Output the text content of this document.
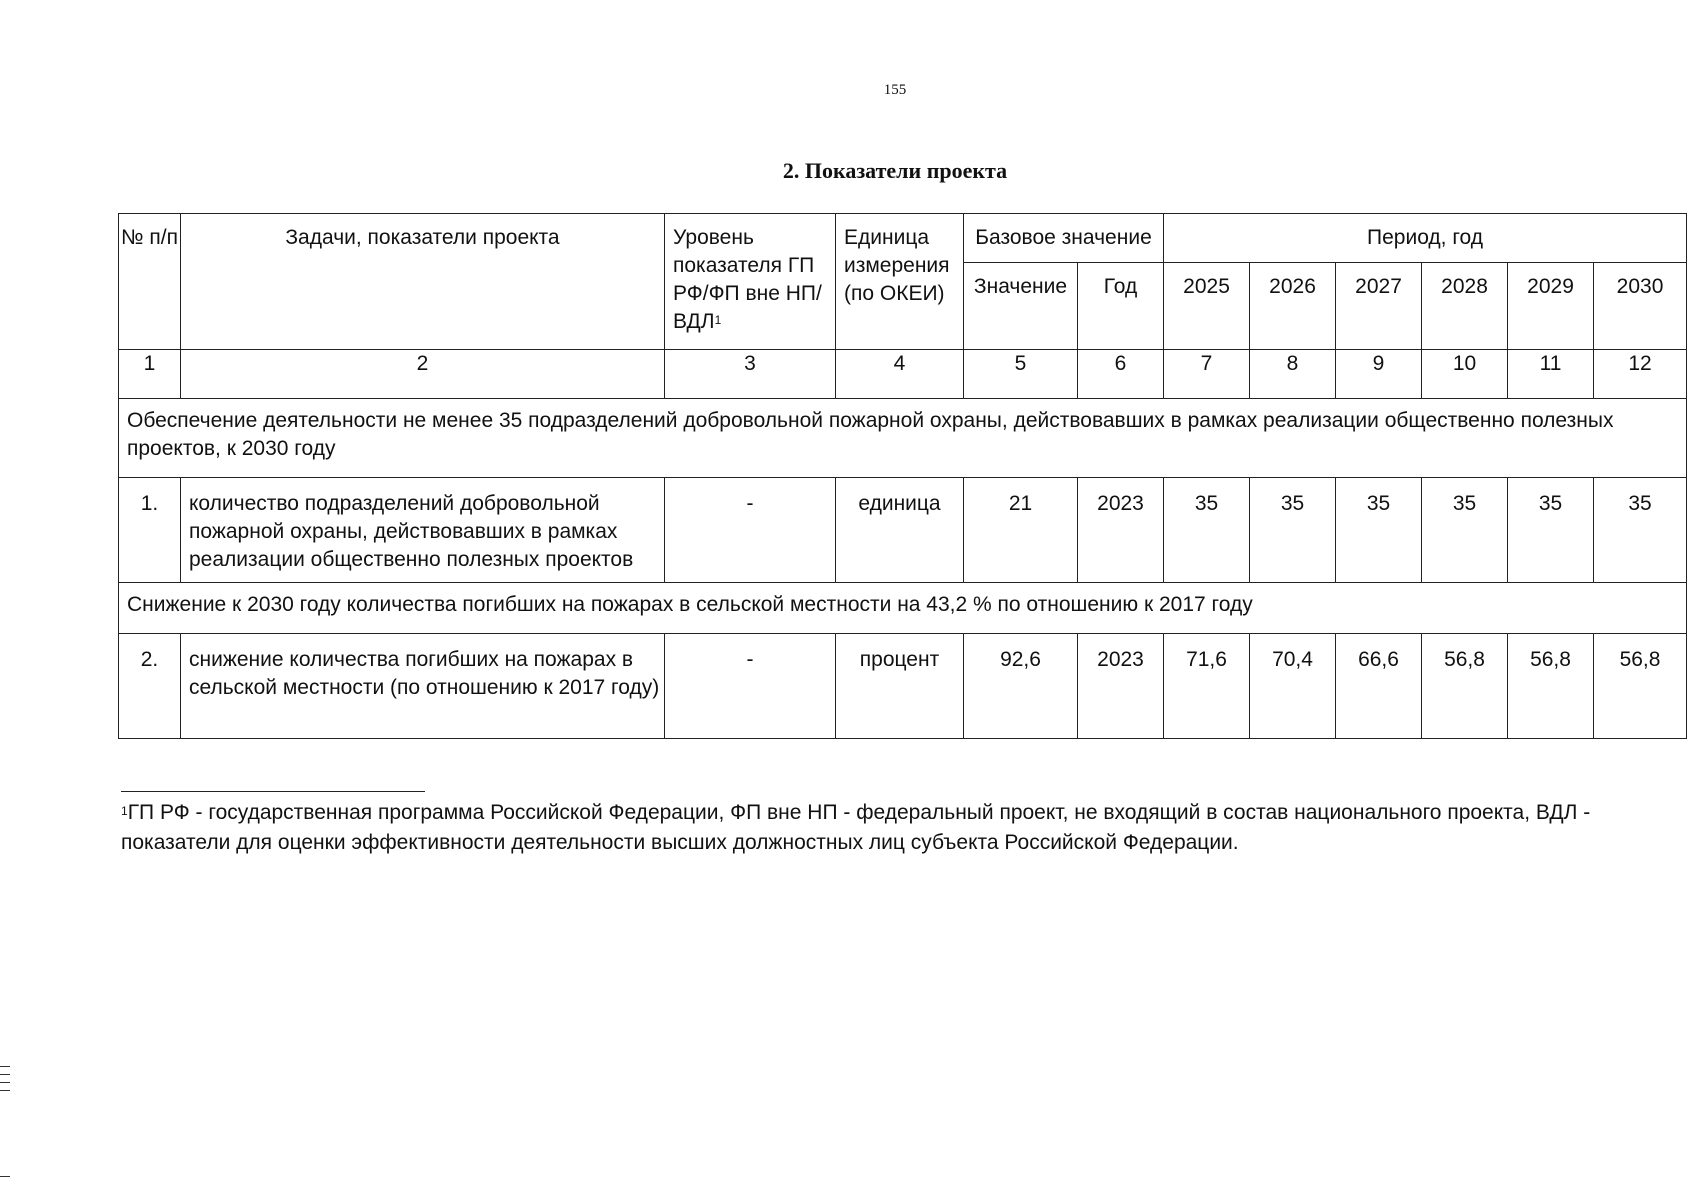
155
2. Показатели проекта
№ п/п	Задачи, показатели проекта	Уровень показателя ГП РФ/ФП вне НП/ВДЛ$^1$	Единица измерения (по ОКЕИ)	Базовое значение		Период, год					
				Значение	Год	2025	2026	2027	2028	2029	2030
1	2	3	4	5	6	7	8	9	10	11	12
Обеспечение деятельности не менее 35 подразделений добровольной пожарной охраны, действовавших в рамках реализации общественно полезных проектов, к 2030 году											
1.	количество подразделений добровольной пожарной охраны, действовавших в рамках реализации общественно полезных проектов	-	единица	21	2023	35	35	35	35	35	35
Снижение к 2030 году количества погибших на пожарах в сельской местности на 43,2 % по отношению к 2017 году											
2.	снижение количества погибших на пожарах в сельской местности (по отношению к 2017 году)	-	процент	92,6	2023	71,6	70,4	66,6	56,8	56,8	56,8
$^1$ГП РФ - государственная программа Российской Федерации, ФП вне НП - федеральный проект, не входящий в состав национального проекта, ВДЛ - показатели для оценки эффективности деятельности высших должностных лиц субъекта Российской Федерации.
